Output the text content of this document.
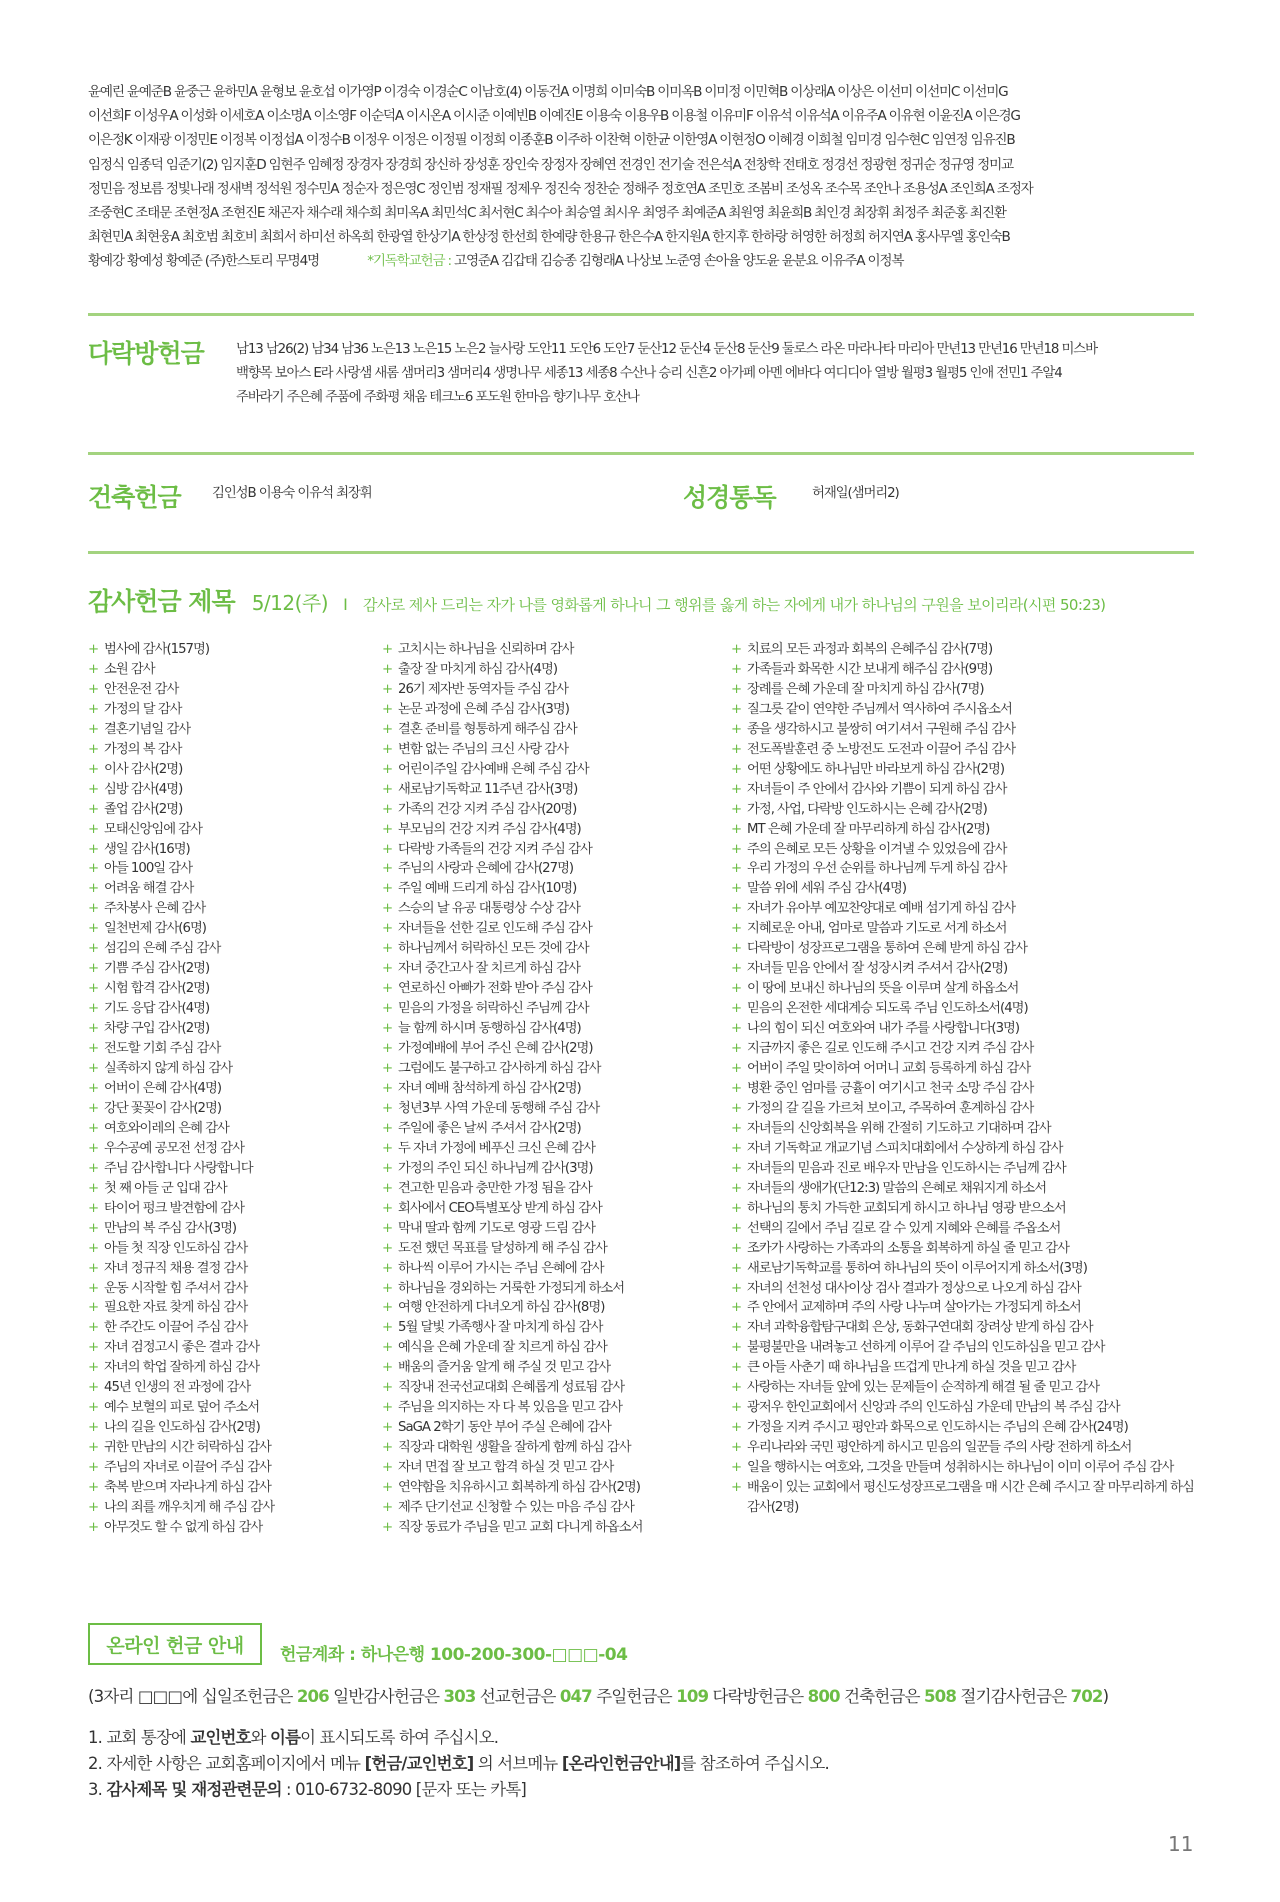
윤예린 윤예준B 윤중근 윤하민A 윤형보 윤호섭 이가영P 이경숙 이경순C 이남호(4) 이동건A 이명희 이미숙B 이미옥B 이미정 이민혁B 이상래A 이상은 이선미 이선미C 이선미G
이선희F 이성우A 이성화 이세호A 이소명A 이소영F 이순덕A 이시온A 이시준 이예빈B 이예진E 이용숙 이용우B 이용철 이유미F 이유석 이유석A 이유주A 이유현 이윤진A 이은경G
이은정K 이재광 이정민E 이정복 이정섭A 이정수B 이정우 이정은 이정필 이정희 이종훈B 이주하 이찬혁 이한균 이한영A 이현정O 이혜경 이희철 임미경 임수현C 임연정 임유진B
임정식 임종덕 임준기(2) 임지훈D 임현주 임혜정 장경자 장경희 장신하 장성훈 장인숙 장정자 장혜연 전경인 전기술 전은석A 전창학 전태호 정경선 정광현 정귀순 정규영 정미교
정민음 정보름 정빛나래 정새벽 정석원 정수민A 정순자 정은영C 정인범 정재필 정제우 정진숙 정찬순 정해주 정호연A 조민호 조봄비 조성옥 조수목 조안나 조용성A 조인희A 조정자
조중현C 조태문 조현정A 조현진E 채곤자 채수래 채수희 최미옥A 최민석C 최서현C 최수아 최승열 최시우 최영주 최예준A 최원영 최윤희B 최인경 최장휘 최정주 최준홍 최진환
최현민A 최현웅A 최호범 최호비 최희서 하미선 하옥희 한광열 한상기A 한상정 한선희 한예량 한용규 한은수A 한지원A 한지후 한하랑 허영한 허정희 허지연A 홍사무엘 홍인숙B
황예강 황예성 황예준 (주)한스토리 무명4명	*기독학교헌금 : 고영준A 김갑태 김승종 김형래A 나상보 노준영 손아율 양도윤 윤분요 이유주A 이정복
다락방헌금 남13 남26(2) 남34 남36 노은13 노은15 노은2 늘사랑 도안11 도안6 도안7 둔산12 둔산4 둔산8 둔산9 둘로스 라온 마라나타 마리아 만년13 만년16 만년18 미스바
백향목 보아스 E라 사랑샘 새롬 샘머리3 샘머리4 생명나무 세종13 세종8 수산나 승리 신흔2 아가페 아멘 에바다 여디디아 열방 월평3 월평5 인애 전민1 주알4
주바라기 주은혜 주품에 주화평 채움 테크노6 포도원 한마음 향기나무 호산나
건축헌금 김인성B 이용숙 이유석 최장휘	성경통독	허재일(샘머리2)
감사헌금 제목 5/12(주) I 감사로 제사 드리는 자가 나를 영화롭게 하나니 그 행위를 옳게 하는 자에게 내가 하나님의 구원을 보이리라(시편 50:23)
+ 범사에 감사(157명)
+ 소원 감사
+ 안전운전 감사
+ 가정의 달 감사
+ 결혼기념일 감사
+ 가정의 복 감사
+ 이사 감사(2명)
+ 심방 감사(4명)
+ 졸업 감사(2명)
+ 모태신앙임에 감사
+ 생일 감사(16명)
+ 아들 100일 감사
+ 어려움 해결 감사
+ 주차봉사 은혜 감사
+ 일천번제 감사(6명)
+ 섬김의 은혜 주심 감사
+ 기쁨 주심 감사(2명)
+ 시험 합격 감사(2명)
+ 기도 응답 감사(4명)
+ 차량 구입 감사(2명)
+ 전도할 기회 주심 감사
+ 실족하지 않게 하심 감사
+ 어버이 은혜 감사(4명)
+ 강단 꽃꽂이 감사(2명)
+ 여호와이레의 은혜 감사
+ 우수공예 공모전 선정 감사
+ 주님 감사합니다 사랑합니다
+ 첫 째 아들 군 입대 감사
+ 타이어 펑크 발견함에 감사
+ 만남의 복 주심 감사(3명)
+ 아들 첫 직장 인도하심 감사
+ 자녀 정규직 채용 결정 감사
+ 운동 시작할 힘 주셔서 감사
+ 필요한 자료 찾게 하심 감사
+ 한 주간도 이끌어 주심 감사
+ 자녀 검정고시 좋은 결과 감사
+ 자녀의 학업 잘하게 하심 감사
+ 45년 인생의 전 과정에 감사
+ 예수 보혈의 피로 덮어 주소서
+ 나의 길을 인도하심 감사(2명)
+ 귀한 만남의 시간 허락하심 감사
+ 주님의 자녀로 이끌어 주심 감사
+ 축복 받으며 자라나게 하심 감사
+ 나의 죄를 깨우치게 해 주심 감사
+ 아무것도 할 수 없게 하심 감사
+ 고치시는 하나님을 신뢰하며 감사
+ 출장 잘 마치게 하심 감사(4명)
+ 26기 제자반 동역자들 주심 감사
+ 논문 과정에 은혜 주심 감사(3명)
+ 결혼 준비를 형통하게 해주심 감사
+ 변함 없는 주님의 크신 사랑 감사
+ 어린이주일 감사예배 은혜 주심 감사
+ 새로남기독학교 11주년 감사(3명)
+ 가족의 건강 지켜 주심 감사(20명)
+ 부모님의 건강 지켜 주심 감사(4명)
+ 다락방 가족들의 건강 지켜 주심 감사
+ 주님의 사랑과 은혜에 감사(27명)
+ 주일 예배 드리게 하심 감사(10명)
+ 스승의 날 유공 대통령상 수상 감사
+ 자녀들을 선한 길로 인도해 주심 감사
+ 하나님께서 허락하신 모든 것에 감사
+ 자녀 중간고사 잘 치르게 하심 감사
+ 연로하신 아빠가 전화 받아 주심 감사
+ 믿음의 가정을 허락하신 주님께 감사
+ 늘 함께 하시며 동행하심 감사(4명)
+ 가정예배에 부어 주신 은혜 감사(2명)
+ 그럼에도 불구하고 감사하게 하심 감사
+ 자녀 예배 참석하게 하심 감사(2명)
+ 청년3부 사역 가운데 동행해 주심 감사
+ 주일에 좋은 날씨 주셔서 감사(2명)
+ 두 자녀 가정에 베푸신 크신 은혜 감사
+ 가정의 주인 되신 하나님께 감사(3명)
+ 견고한 믿음과 충만한 가정 됨을 감사
+ 회사에서 CEO특별포상 받게 하심 감사
+ 막내 딸과 함께 기도로 영광 드림 감사
+ 도전 했던 목표를 달성하게 해 주심 감사
+ 하나씩 이루어 가시는 주님 은혜에 감사
+ 하나님을 경외하는 거룩한 가정되게 하소서
+ 여행 안전하게 다녀오게 하심 감사(8명)
+ 5월 달빛 가족행사 잘 마치게 하심 감사
+ 예식을 은혜 가운데 잘 치르게 하심 감사
+ 배움의 즐거움 알게 해 주실 것 믿고 감사
+ 직장내 전국선교대회 은혜롭게 성료됨 감사
+ 주님을 의지하는 자 다 복 있음을 믿고 감사
+ SaGA 2학기 동안 부어 주실 은혜에 감사
+ 직장과 대학원 생활을 잘하게 함께 하심 감사
+ 자녀 면접 잘 보고 합격 하실 것 믿고 감사
+ 연약함을 치유하시고 회복하게 하심 감사(2명)
+ 제주 단기선교 신청할 수 있는 마음 주심 감사
+ 직장 동료가 주님을 믿고 교회 다니게 하옵소서
+ 치료의 모든 과정과 회복의 은혜주심 감사(7명)
+ 가족들과 화목한 시간 보내게 해주심 감사(9명)
+ 장례를 은혜 가운데 잘 마치게 하심 감사(7명)
+ 질그릇 같이 연약한 주님께서 역사하여 주시옵소서
+ 종을 생각하시고 불쌍히 여기셔서 구원해 주심 감사
+ 전도폭발훈련 중 노방전도 도전과 이끌어 주심 감사
+ 어떤 상황에도 하나님만 바라보게 하심 감사(2명)
+ 자녀들이 주 안에서 감사와 기쁨이 되게 하심 감사
+ 가정, 사업, 다락방 인도하시는 은혜 감사(2명)
+ MT 은혜 가운데 잘 마무리하게 하심 감사(2명)
+ 주의 은혜로 모든 상황을 이겨낼 수 있었음에 감사
+ 우리 가정의 우선 순위를 하나님께 두게 하심 감사
+ 말씀 위에 세워 주심 감사(4명)
+ 자녀가 유아부 예꼬찬양대로 예배 섬기게 하심 감사
+ 지혜로운 아내, 엄마로 말씀과 기도로 서게 하소서
+ 다락방이 성장프로그램을 통하여 은혜 받게 하심 감사
+ 자녀들 믿음 안에서 잘 성장시켜 주셔서 감사(2명)
+ 이 땅에 보내신 하나님의 뜻을 이루며 살게 하옵소서
+ 믿음의 온전한 세대계승 되도록 주님 인도하소서(4명)
+ 나의 힘이 되신 여호와여 내가 주를 사랑합니다(3명)
+ 지금까지 좋은 길로 인도해 주시고 건강 지켜 주심 감사
+ 어버이 주일 맞이하여 어머니 교회 등록하게 하심 감사
+ 병환 중인 엄마를 긍휼이 여기시고 천국 소망 주심 감사
+ 가정의 갈 길을 가르쳐 보이고, 주목하여 훈계하심 감사
+ 자녀들의 신앙회복을 위해 간절히 기도하고 기대하며 감사
+ 자녀 기독학교 개교기념 스피치대회에서 수상하게 하심 감사
+ 자녀들의 믿음과 진로 배우자 만남을 인도하시는 주님께 감사
+ 자녀들의 생애가(단12:3) 말씀의 은혜로 채워지게 하소서
+ 하나님의 통치 가득한 교회되게 하시고 하나님 영광 받으소서
+ 선택의 길에서 주님 길로 갈 수 있게 지혜와 은혜를 주옵소서
+ 조카가 사랑하는 가족과의 소통을 회복하게 하실 줄 믿고 감사
+ 새로남기독학교를 통하여 하나님의 뜻이 이루어지게 하소서(3명)
+ 자녀의 선천성 대사이상 검사 결과가 정상으로 나오게 하심 감사
+ 주 안에서 교제하며 주의 사랑 나누며 살아가는 가정되게 하소서
+ 자녀 과학융합탐구대회 은상, 동화구연대회 장려상 받게 하심 감사
+ 불평불만을 내려놓고 선하게 이루어 갈 주님의 인도하심을 믿고 감사
+ 큰 아들 사춘기 때 하나님을 뜨겁게 만나게 하실 것을 믿고 감사
+ 사랑하는 자녀들 앞에 있는 문제들이 순적하게 해결 될 줄 믿고 감사
+ 광저우 한인교회에서 신앙과 주의 인도하심 가운데 만남의 복 주심 감사
+ 가정을 지켜 주시고 평안과 화목으로 인도하시는 주님의 은혜 감사(24명)
+ 우리나라와 국민 평안하게 하시고 믿음의 일꾼들 주의 사랑 전하게 하소서
+ 일을 행하시는 여호와, 그것을 만들며 성취하시는 하나님이 이미 이루어 주심 감사
+ 배움이 있는 교회에서 평신도성장프로그램을 매 시간 은혜 주시고 잘 마무리하게 하심 감사(2명)
온라인 헌금 안내	헌금계좌 : 하나은행 100-200-300-□□□-04
(3자리 □□□에 십일조헌금은 206 일반감사헌금은 303 선교헌금은 047 주일헌금은 109 다락방헌금은 800 건축헌금은 508 절기감사헌금은 702)
1. 교회 통장에 교인번호와 이름이 표시되도록 하여 주십시오.
2. 자세한 사항은 교회홈페이지에서 메뉴 [헌금/교인번호] 의 서브메뉴 [온라인헌금안내]를 참조하여 주십시오.
3. 감사제목 및 재정관련문의 : 010-6732-8090 [문자 또는 카톡]
11
